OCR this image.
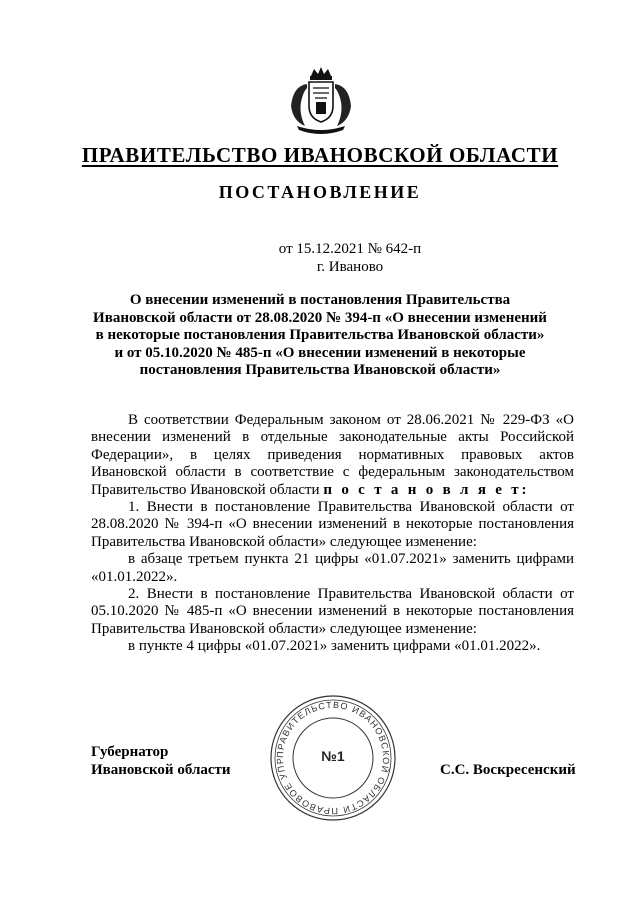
ПРАВИТЕЛЬСТВО ИВАНОВСКОЙ ОБЛАСТИ
ПОСТАНОВЛЕНИЕ
от 15.12.2021 № 642-п
г. Иваново
О внесении изменений в постановления Правительства
Ивановской области от 28.08.2020 № 394-п «О внесении изменений
в некоторые постановления Правительства Ивановской области»
и от 05.10.2020 № 485-п «О внесении изменений в некоторые
постановления Правительства Ивановской области»

В соответствии Федеральным законом от 28.06.2021 № 229-ФЗ «О внесении изменений в отдельные законодательные акты Российской Федерации», в целях приведения нормативных правовых актов Ивановской области в соответствие с федеральным законодательством Правительство Ивановской области п о с т а н о в л я е т:

1. Внести в постановление Правительства Ивановской области от 28.08.2020 № 394-п «О внесении изменений в некоторые постановления Правительства Ивановской области» следующее изменение:

в абзаце третьем пункта 21 цифры «01.07.2021» заменить цифрами «01.01.2022».

2. Внести в постановление Правительства Ивановской области от 05.10.2020 № 485-п «О внесении изменений в некоторые постановления Правительства Ивановской области» следующее изменение:

в пункте 4 цифры «01.07.2021» заменить цифрами «01.01.2022».

Губернатор
Ивановской области
ПРАВИТЕЛЬСТВО ИВАНОВСКОЙ ОБЛАСТИ ПРАВОВОЕ УПР	№1
С.С. Воскресенский
